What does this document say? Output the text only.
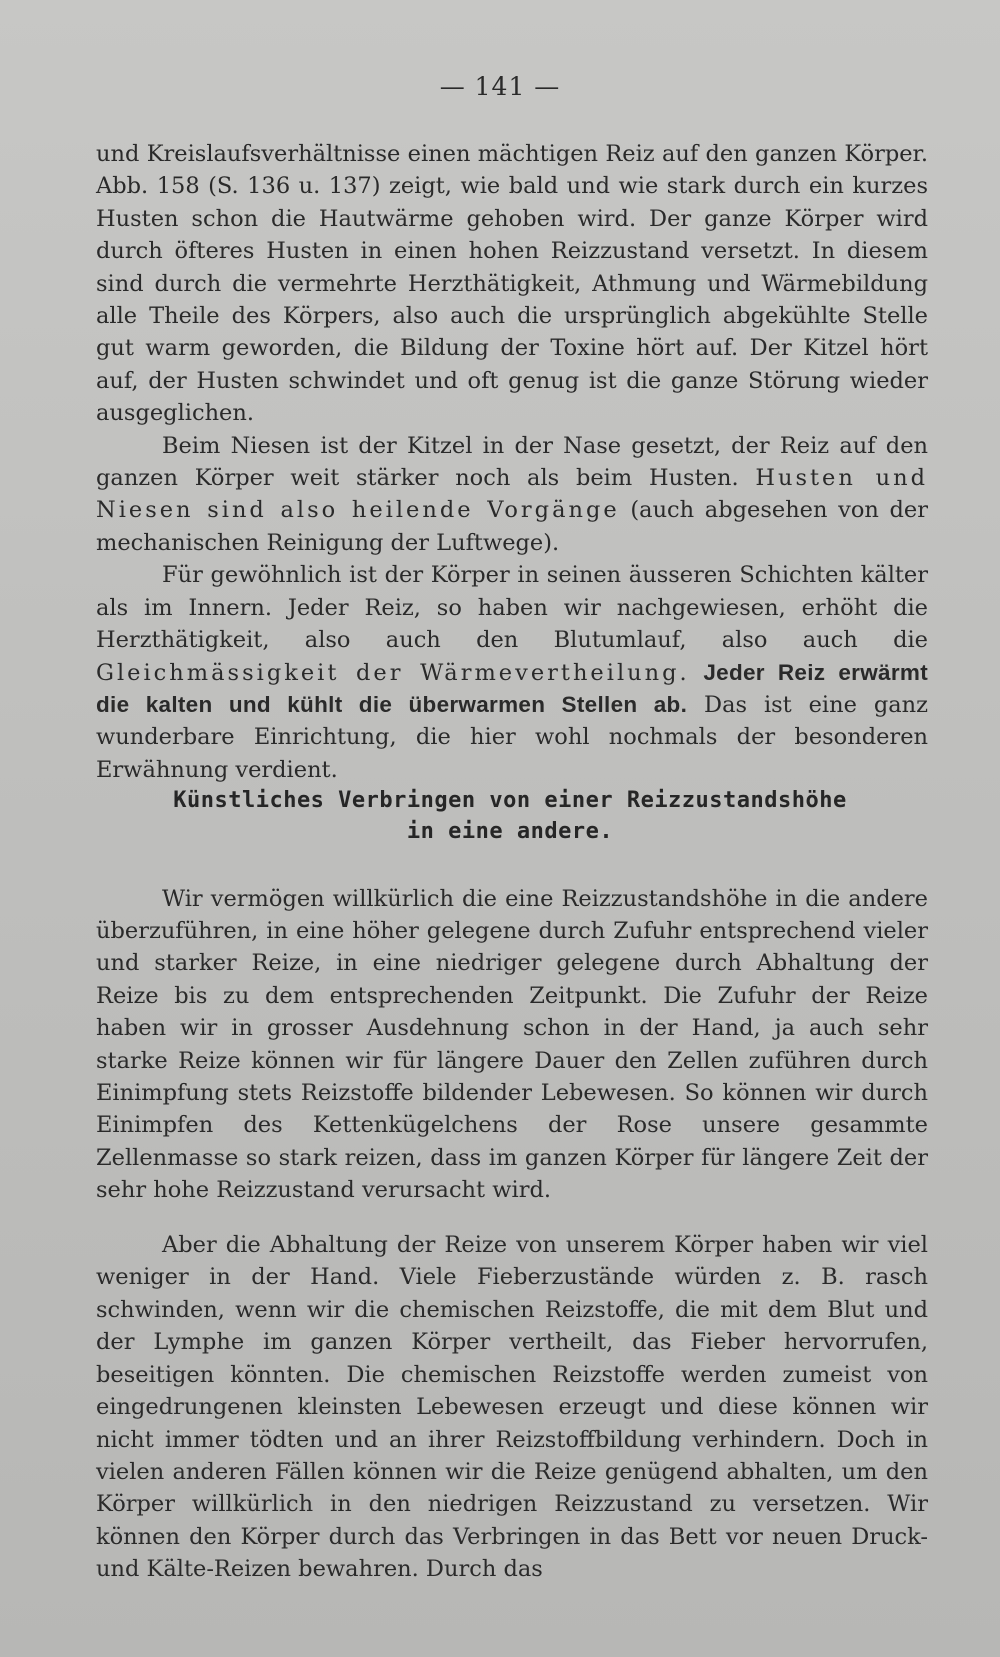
— 141 —

und Kreislaufsverhältnisse einen mächtigen Reiz auf den ganzen Körper. Abb. 158 (S. 136 u. 137) zeigt, wie bald und wie stark durch ein kurzes Husten schon die Hautwärme gehoben wird. Der ganze Körper wird durch öfteres Husten in einen hohen Reizzustand versetzt. In diesem sind durch die vermehrte Herzthätigkeit, Athmung und Wärmebildung alle Theile des Körpers, also auch die ursprünglich abgekühlte Stelle gut warm geworden, die Bildung der Toxine hört auf. Der Kitzel hört auf, der Husten schwindet und oft genug ist die ganze Störung wieder ausgeglichen.

Beim Niesen ist der Kitzel in der Nase gesetzt, der Reiz auf den ganzen Körper weit stärker noch als beim Husten. Husten und Niesen sind also heilende Vorgänge (auch abgesehen von der mechanischen Reinigung der Luftwege).

Für gewöhnlich ist der Körper in seinen äusseren Schichten kälter als im Innern. Jeder Reiz, so haben wir nachgewiesen, erhöht die Herzthätigkeit, also auch den Blutumlauf, also auch die Gleichmässigkeit der Wärmevertheilung. Jeder Reiz erwärmt die kalten und kühlt die überwarmen Stellen ab. Das ist eine ganz wunderbare Einrichtung, die hier wohl nochmals der besonderen Erwähnung verdient.

Künstliches Verbringen von einer Reizzustandshöhe
in eine andere.

Wir vermögen willkürlich die eine Reizzustandshöhe in die andere überzuführen, in eine höher gelegene durch Zufuhr entsprechend vieler und starker Reize, in eine niedriger gelegene durch Abhaltung der Reize bis zu dem entsprechenden Zeitpunkt. Die Zufuhr der Reize haben wir in grosser Ausdehnung schon in der Hand, ja auch sehr starke Reize können wir für längere Dauer den Zellen zuführen durch Einimpfung stets Reizstoffe bildender Lebewesen. So können wir durch Einimpfen des Kettenkügelchens der Rose unsere gesammte Zellenmasse so stark reizen, dass im ganzen Körper für längere Zeit der sehr hohe Reizzustand verursacht wird.

Aber die Abhaltung der Reize von unserem Körper haben wir viel weniger in der Hand. Viele Fieberzustände würden z. B. rasch schwinden, wenn wir die chemischen Reizstoffe, die mit dem Blut und der Lymphe im ganzen Körper vertheilt, das Fieber hervorrufen, beseitigen könnten. Die chemischen Reizstoffe werden zumeist von eingedrungenen kleinsten Lebewesen erzeugt und diese können wir nicht immer tödten und an ihrer Reizstoffbildung verhindern. Doch in vielen anderen Fällen können wir die Reize genügend abhalten, um den Körper willkürlich in den niedrigen Reizzustand zu versetzen. Wir können den Körper durch das Verbringen in das Bett vor neuen Druck- und Kälte-Reizen bewahren. Durch das
